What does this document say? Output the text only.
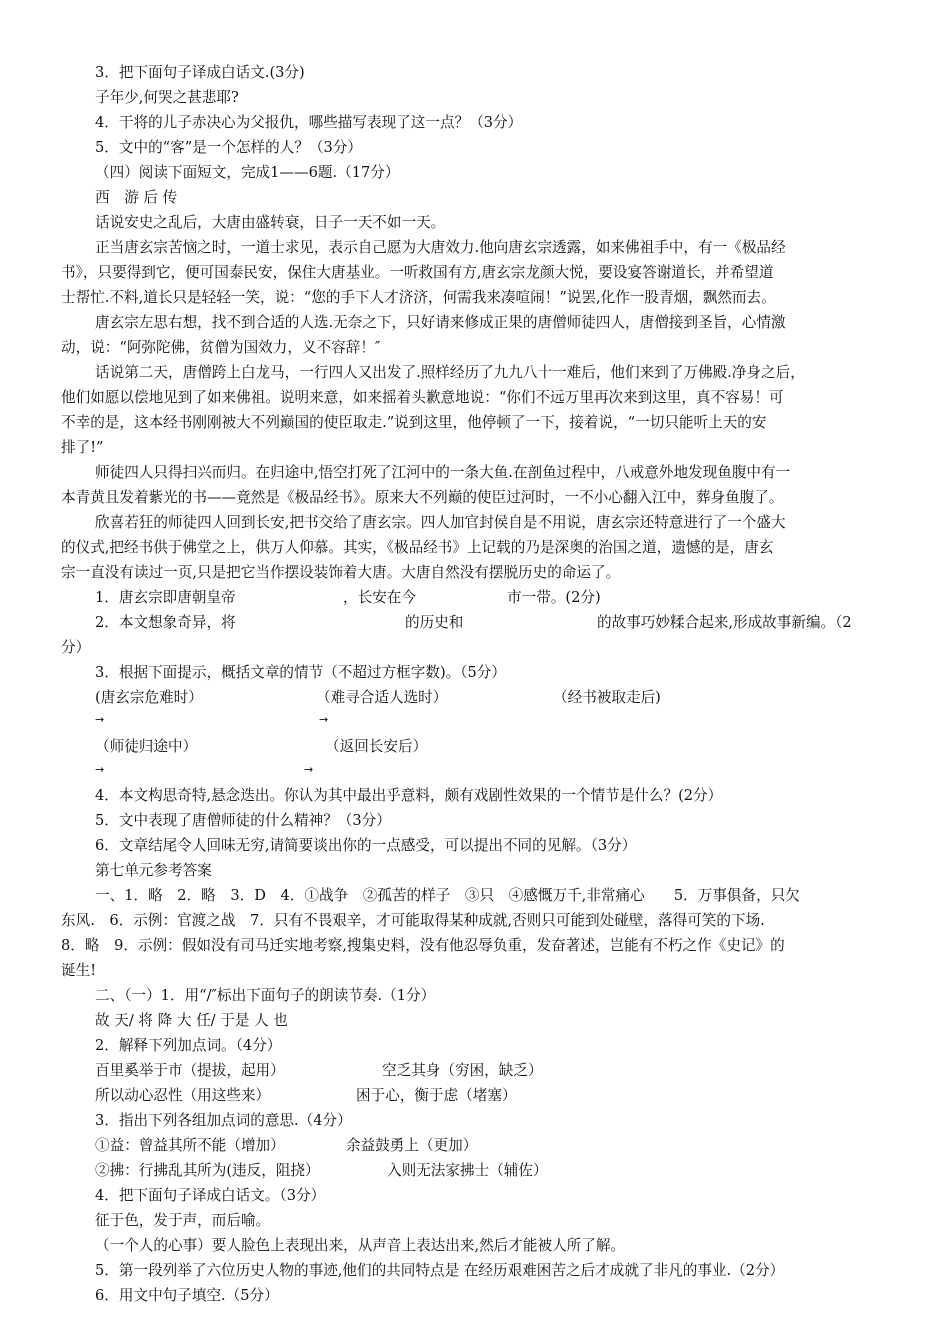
3．把下面句子译成白话文.(3分)
子年少,何哭之甚悲耶?
4．干将的儿子赤决心为父报仇，哪些描写表现了这一点？（3分）
5．文中的“客”是一个怎样的人？（3分）
（四）阅读下面短文，完成1——6题.（17分）
西　游 后 传
话说安史之乱后，大唐由盛转衰，日子一天不如一天。
正当唐玄宗苦恼之时，一道士求见，表示自己愿为大唐效力.他向唐玄宗透露，如来佛祖手中，有一《极品经
书》，只要得到它，便可国泰民安，保住大唐基业。一听救国有方,唐玄宗龙颜大悦，要设宴答谢道长，并希望道
士帮忙.不料,道长只是轻轻一笑，说：“您的手下人才济济，何需我来凑喧闹！”说罢,化作一股青烟，飘然而去。
唐玄宗左思右想，找不到合适的人选.无奈之下，只好请来修成正果的唐僧师徒四人，唐僧接到圣旨，心情激
动，说：“阿弥陀佛，贫僧为国效力，义不容辞！″
话说第二天，唐僧跨上白龙马，一行四人又出发了.照样经历了九九八十一难后，他们来到了万佛殿.净身之后，
他们如愿以偿地见到了如来佛祖。说明来意，如来摇着头歉意地说：“你们不远万里再次来到这里，真不容易！可
不幸的是，这本经书刚刚被大不列巅国的使臣取走.”说到这里，他停顿了一下，接着说，“一切只能听上天的安
排了!”
师徒四人只得扫兴而归。在归途中,悟空打死了江河中的一条大鱼.在剖鱼过程中，八戒意外地发现鱼腹中有一
本青黄且发着紫光的书——竟然是《极品经书》。原来大不列巅的使臣过河时，一不小心翻入江中，葬身鱼腹了。
欣喜若狂的师徒四人回到长安,把书交给了唐玄宗。四人加官封侯自是不用说，唐玄宗还特意进行了一个盛大
的仪式,把经书供于佛堂之上，供万人仰慕。其实，《极品经书》上记载的乃是深奥的治国之道，遗憾的是，唐玄
宗一直没有读过一页,只是把它当作摆设装饰着大唐。大唐自然没有摆脱历史的命运了。
1．唐玄宗即唐朝皇帝	，长安在今	市一带。(2分)
2．本文想象奇异，将	的历史和	的故事巧妙糅合起来,形成故事新编。（2
分）
3．根据下面提示，概括文章的情节（不超过方框字数)。（5分）
(唐玄宗危难时）	（难寻合适人选时）	（经书被取走后)
→	→
（师徒归途中）	（返回长安后）
→	→
4．本文构思奇特,悬念迭出。你认为其中最出乎意料，颇有戏剧性效果的一个情节是什么？(2分）
5．文中表现了唐僧师徒的什么精神？（3分）
6．文章结尾令人回味无穷,请简要谈出你的一点感受，可以提出不同的见解。（3分）
第七单元参考答案
一、1．略　2．略　3．D　4．①战争　②孤苦的样子　③只　④感慨万千,非常痛心　　5．万事俱备，只欠
东风.　6．示例：官渡之战　7．只有不畏艰辛，才可能取得某种成就,否则只可能到处碰壁，落得可笑的下场.
8．略　9．示例：假如没有司马迁实地考察,搜集史料，没有他忍辱负重，发奋著述，岂能有不朽之作《史记》的
诞生!
二、（一）1．用“/″标出下面句子的朗读节奏.（1分）
故 天/ 将 降 大 任/ 于是 人 也
2．解释下列加点词。（4分）
百里奚举于市（提拔，起用）	空乏其身（穷困，缺乏）
所以动心忍性（用这些来）	困于心，衡于虑（堵塞）
3．指出下列各组加点词的意思.（4分）
①益：曾益其所不能（增加）	余益鼓勇上（更加）
②拂：行拂乱其所为(违反，阻挠）	入则无法家拂士（辅佐）
4．把下面句子译成白话文。（3分）
征于色，发于声，而后喻。
（一个人的心事）要人脸色上表现出来，从声音上表达出来,然后才能被人所了解。
5．第一段列举了六位历史人物的事迹,他们的共同特点是 在经历艰难困苦之后才成就了非凡的事业.（2分）
6．用文中句子填空.（5分）
